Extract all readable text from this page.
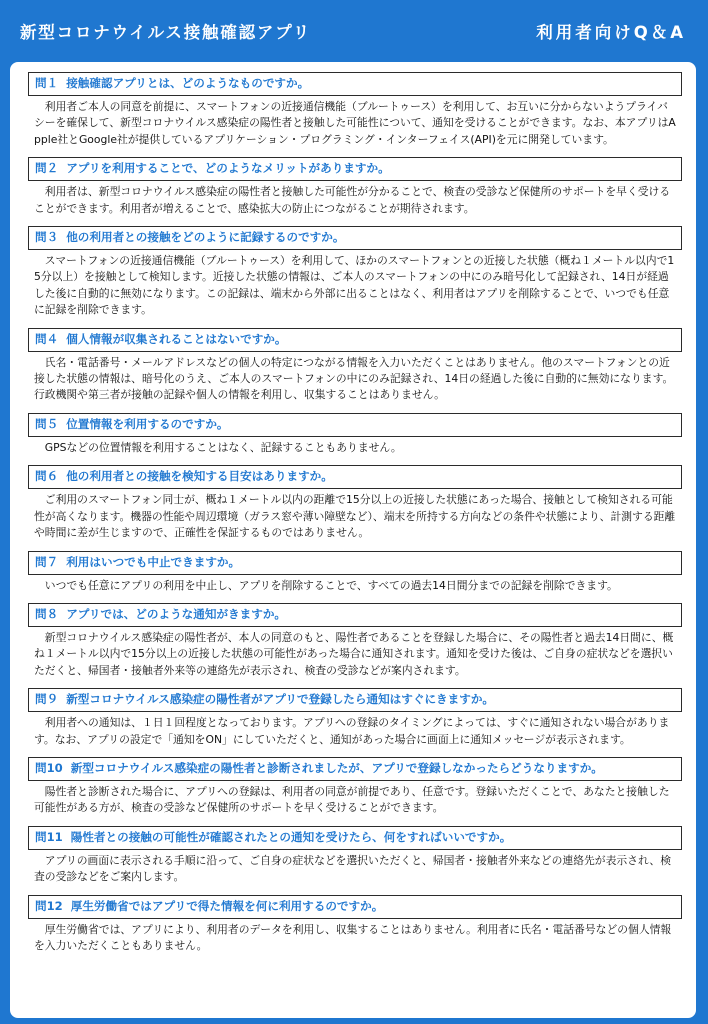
新型コロナウイルス接触確認アプリ	利用者向けQ＆A
問１ 接触確認アプリとは、どのようなものですか。
利用者ご本人の同意を前提に、スマートフォンの近接通信機能（ブルートゥース）を利用して、お互いに分からないようプライバシーを確保して、新型コロナウイルス感染症の陽性者と接触した可能性について、通知を受けることができます。なお、本アプリはApple社とGoogle社が提供しているアプリケーション・プログラミング・インターフェイス(API)を元に開発しています。
問２ アプリを利用することで、どのようなメリットがありますか。
利用者は、新型コロナウイルス感染症の陽性者と接触した可能性が分かることで、検査の受診など保健所のサポートを早く受けることができます。利用者が増えることで、感染拡大の防止につながることが期待されます。
問３ 他の利用者との接触をどのように記録するのですか。
スマートフォンの近接通信機能（ブルートゥース）を利用して、ほかのスマートフォンとの近接した状態（概ね１メートル以内で15分以上）を接触として検知します。近接した状態の情報は、ご本人のスマートフォンの中にのみ暗号化して記録され、14日が経過した後に自動的に無効になります。この記録は、端末から外部に出ることはなく、利用者はアプリを削除することで、いつでも任意に記録を削除できます。
問４ 個人情報が収集されることはないですか。
氏名・電話番号・メールアドレスなどの個人の特定につながる情報を入力いただくことはありません。他のスマートフォンとの近接した状態の情報は、暗号化のうえ、ご本人のスマートフォンの中にのみ記録され、14日の経過した後に自動的に無効になります。行政機関や第三者が接触の記録や個人の情報を利用し、収集することはありません。
問５ 位置情報を利用するのですか。
GPSなどの位置情報を利用することはなく、記録することもありません。
問６ 他の利用者との接触を検知する目安はありますか。
ご利用のスマートフォン同士が、概ね１メートル以内の距離で15分以上の近接した状態にあった場合、接触として検知される可能性が高くなります。機器の性能や周辺環境（ガラス窓や薄い障壁など）、端末を所持する方向などの条件や状態により、計測する距離や時間に差が生じますので、正確性を保証するものではありません。
問７ 利用はいつでも中止できますか。
いつでも任意にアプリの利用を中止し、アプリを削除することで、すべての過去14日間分までの記録を削除できます。
問８ アプリでは、どのような通知がきますか。
新型コロナウイルス感染症の陽性者が、本人の同意のもと、陽性者であることを登録した場合に、その陽性者と過去14日間に、概ね１メートル以内で15分以上の近接した状態の可能性があった場合に通知されます。通知を受けた後は、ご自身の症状などを選択いただくと、帰国者・接触者外来等の連絡先が表示され、検査の受診などが案内されます。
問９ 新型コロナウイルス感染症の陽性者がアプリで登録したら通知はすぐにきますか。
利用者への通知は、１日１回程度となっております。アプリへの登録のタイミングによっては、すぐに通知されない場合があります。なお、アプリの設定で「通知をON」にしていただくと、通知があった場合に画面上に通知メッセージが表示されます。
問10 新型コロナウイルス感染症の陽性者と診断されましたが、アプリで登録しなかったらどうなりますか。
陽性者と診断された場合に、アプリへの登録は、利用者の同意が前提であり、任意です。登録いただくことで、あなたと接触した可能性がある方が、検査の受診など保健所のサポートを早く受けることができます。
問11 陽性者との接触の可能性が確認されたとの通知を受けたら、何をすればいいですか。
アプリの画面に表示される手順に沿って、ご自身の症状などを選択いただくと、帰国者・接触者外来などの連絡先が表示され、検査の受診などをご案内します。
問12 厚生労働省ではアプリで得た情報を何に利用するのですか。
厚生労働省では、アプリにより、利用者のデータを利用し、収集することはありません。利用者に氏名・電話番号などの個人情報を入力いただくこともありません。
